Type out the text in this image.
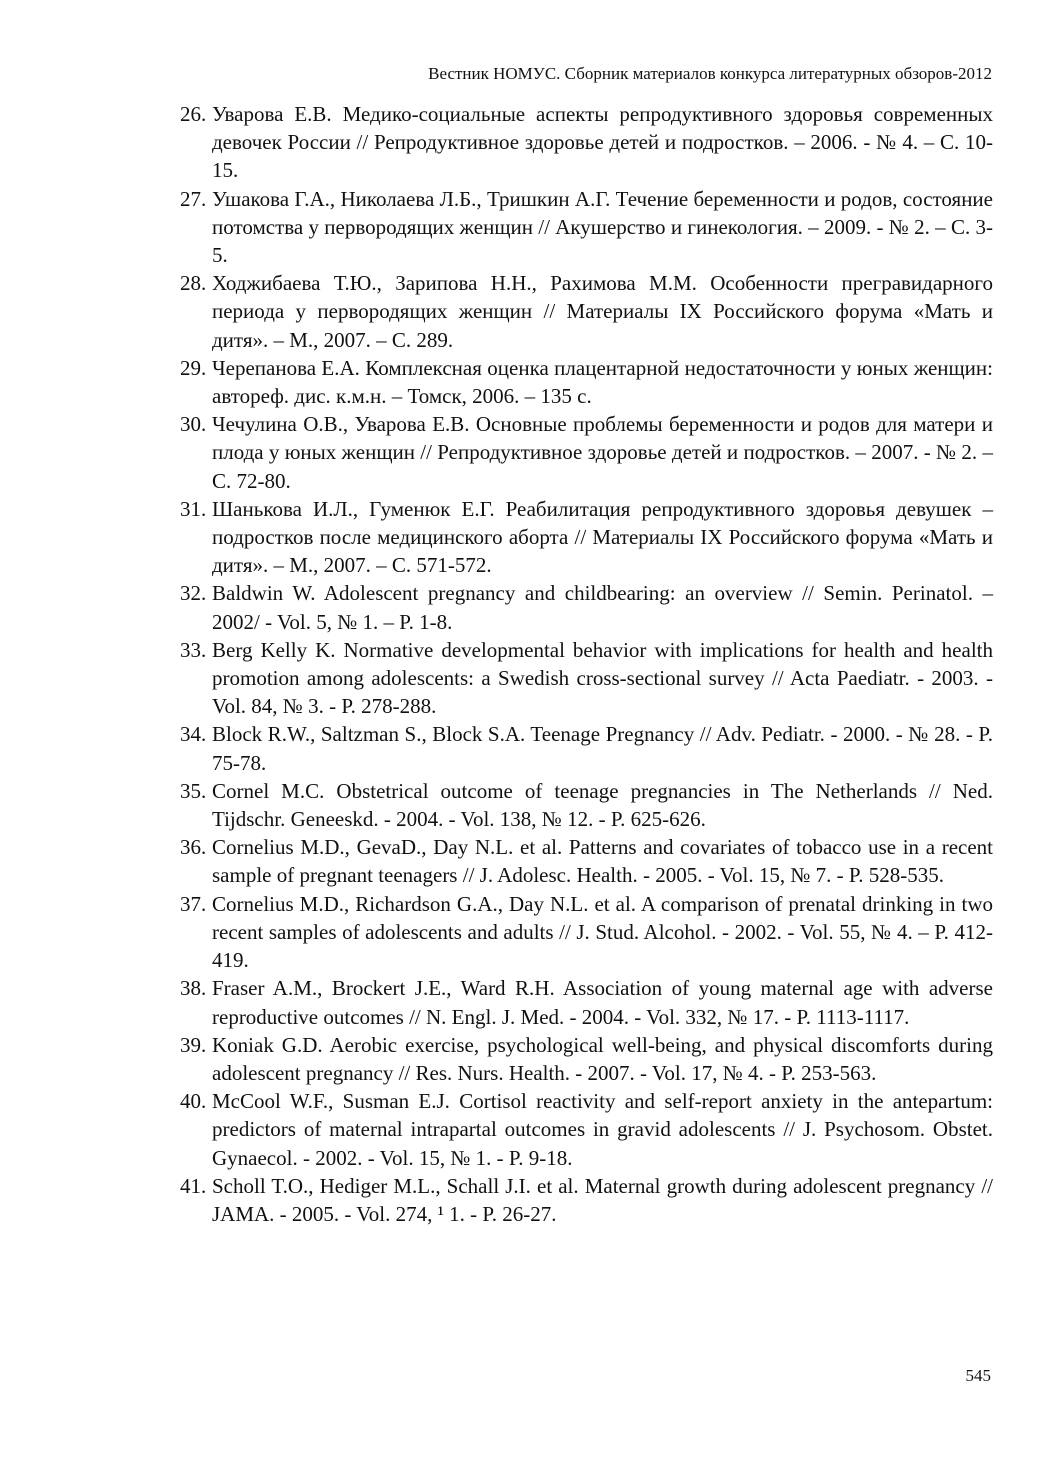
Вестник НОМУС. Сборник материалов конкурса литературных обзоров-2012
26. Уварова Е.В. Медико-социальные аспекты репродуктивного здоровья современных девочек России // Репродуктивное здоровье детей и подростков. – 2006. - № 4. – С. 10-15.
27. Ушакова Г.А., Николаева Л.Б., Тришкин А.Г. Течение беременности и родов, состояние потомства у первородящих женщин // Акушерство и гинекология. – 2009. - № 2. – С. 3-5.
28. Ходжибаева Т.Ю., Зарипова Н.Н., Рахимова М.М. Особенности прегравидарного периода у первородящих женщин // Материалы IX Российского форума «Мать и дитя». – М., 2007. – С. 289.
29. Черепанова Е.А. Комплексная оценка плацентарной недостаточности у юных женщин: автореф. дис. к.м.н. – Томск, 2006. – 135 с.
30. Чечулина О.В., Уварова Е.В. Основные проблемы беременности и родов для матери и плода у юных женщин // Репродуктивное здоровье детей и подростков. – 2007. - № 2. – С. 72-80.
31. Шанькова И.Л., Гуменюк Е.Г. Реабилитация репродуктивного здоровья девушек – подростков после медицинского аборта // Материалы IX Российского форума «Мать и дитя». – М., 2007. – С. 571-572.
32. Baldwin W. Adolescent pregnancy and childbearing: an overview // Semin. Perinatol. – 2002/ - Vol. 5, № 1. – P. 1-8.
33. Berg Kelly K. Normative developmental behavior with implications for health and health promotion among adolescents: a Swedish cross-sectional survey // Acta Paediatr. - 2003. - Vol. 84, № 3. - P. 278-288.
34. Block R.W., Saltzman S., Block S.A. Teenage Pregnancy // Adv. Pediatr. - 2000. - № 28. - P. 75-78.
35. Cornel M.C. Obstetrical outcome of teenage pregnancies in The Netherlands // Ned. Tijdschr. Geneeskd. - 2004. - Vol. 138, № 12. - P. 625-626.
36. Cornelius M.D., GevaD., Day N.L. et al. Patterns and covariates of tobacco use in a recent sample of pregnant teenagers // J. Adolesc. Health. - 2005. - Vol. 15, № 7. - P. 528-535.
37. Cornelius M.D., Richardson G.A., Day N.L. et al. A comparison of prenatal drinking in two recent samples of adolescents and adults // J. Stud. Alcohol. - 2002. - Vol. 55, № 4. – P. 412-419.
38. Fraser A.M., Brockert J.E., Ward R.H. Association of young maternal age with adverse reproductive outcomes // N. Engl. J. Med. - 2004. - Vol. 332, № 17. - P. 1113-1117.
39. Koniak G.D. Aerobic exercise, psychological well-being, and physical discomforts during adolescent pregnancy // Res. Nurs. Health. - 2007. - Vol. 17, № 4. - P. 253-563.
40. McCool W.F., Susman E.J. Cortisol reactivity and self-report anxiety in the antepartum: predictors of maternal intrapartal outcomes in gravid adolescents // J. Psychosom. Obstet. Gynaecol. - 2002. - Vol. 15, № 1. - P. 9-18.
41. Scholl T.O., Hediger M.L., Schall J.I. et al. Maternal growth during adolescent pregnancy // JAMA. - 2005. - Vol. 274, ¹ 1. - P. 26-27.
545
